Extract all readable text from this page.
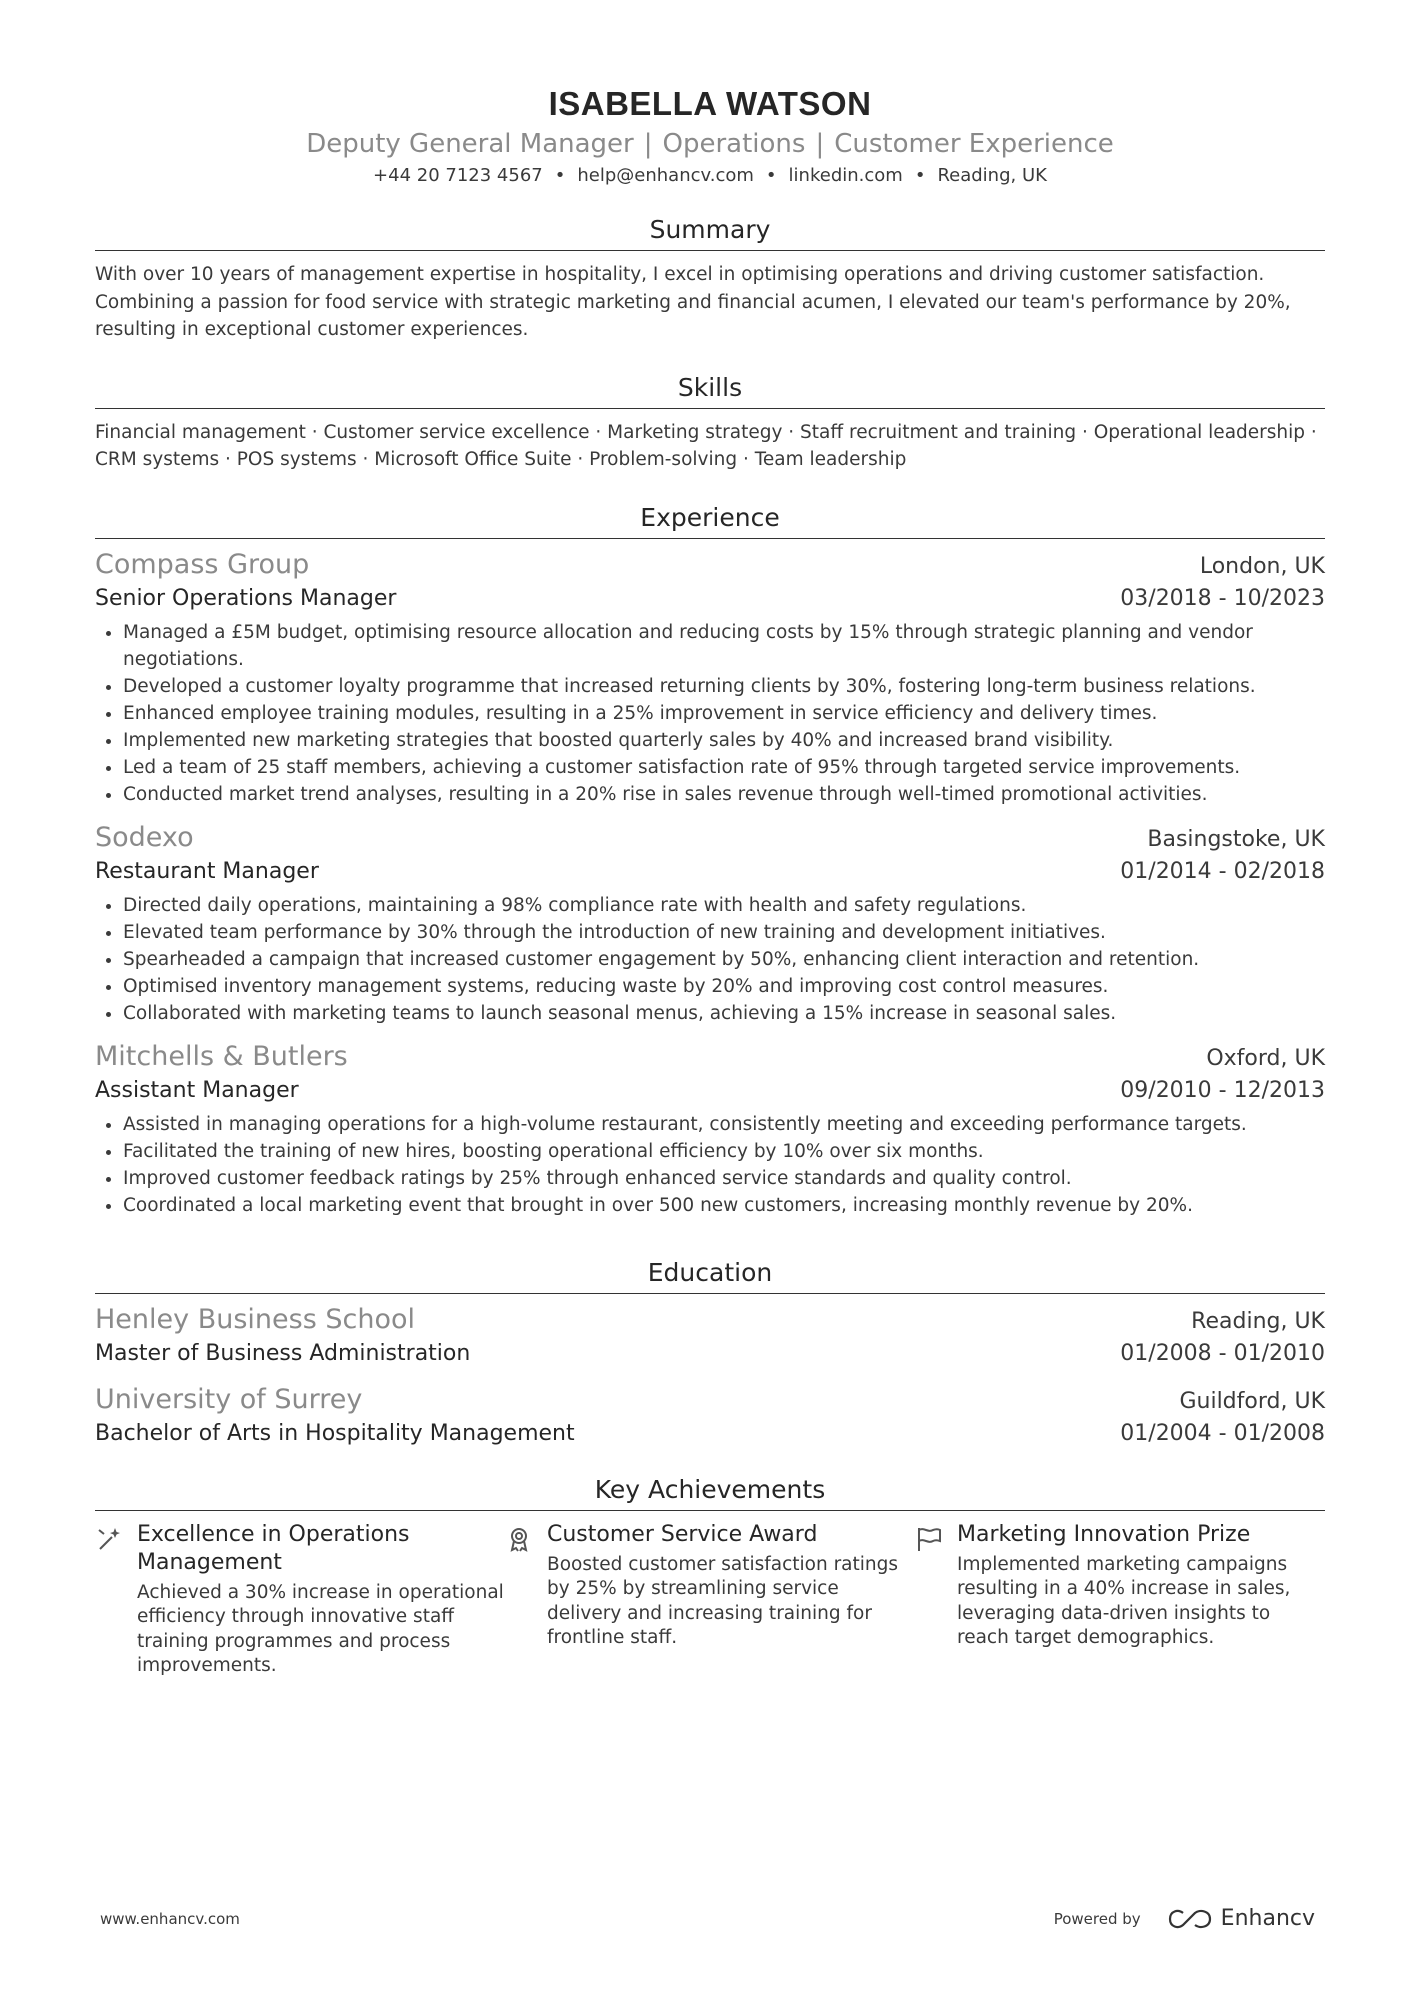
ISABELLA WATSON
Deputy General Manager | Operations | Customer Experience
+44 20 7123 4567 • help@enhancv.com • linkedin.com • Reading, UK
Summary
With over 10 years of management expertise in hospitality, I excel in optimising operations and driving customer satisfaction. Combining a passion for food service with strategic marketing and financial acumen, I elevated our team's performance by 20%, resulting in exceptional customer experiences.
Skills
Financial management · Customer service excellence · Marketing strategy · Staff recruitment and training · Operational leadership · CRM systems · POS systems · Microsoft Office Suite · Problem-solving · Team leadership
Experience
Compass Group	London, UK
Senior Operations Manager	03/2018 - 10/2023
• Managed a £5M budget, optimising resource allocation and reducing costs by 15% through strategic planning and vendor negotiations.
• Developed a customer loyalty programme that increased returning clients by 30%, fostering long-term business relations.
• Enhanced employee training modules, resulting in a 25% improvement in service efficiency and delivery times.
• Implemented new marketing strategies that boosted quarterly sales by 40% and increased brand visibility.
• Led a team of 25 staff members, achieving a customer satisfaction rate of 95% through targeted service improvements.
• Conducted market trend analyses, resulting in a 20% rise in sales revenue through well-timed promotional activities.
Sodexo	Basingstoke, UK
Restaurant Manager	01/2014 - 02/2018
• Directed daily operations, maintaining a 98% compliance rate with health and safety regulations.
• Elevated team performance by 30% through the introduction of new training and development initiatives.
• Spearheaded a campaign that increased customer engagement by 50%, enhancing client interaction and retention.
• Optimised inventory management systems, reducing waste by 20% and improving cost control measures.
• Collaborated with marketing teams to launch seasonal menus, achieving a 15% increase in seasonal sales.
Mitchells & Butlers	Oxford, UK
Assistant Manager	09/2010 - 12/2013
• Assisted in managing operations for a high-volume restaurant, consistently meeting and exceeding performance targets.
• Facilitated the training of new hires, boosting operational efficiency by 10% over six months.
• Improved customer feedback ratings by 25% through enhanced service standards and quality control.
• Coordinated a local marketing event that brought in over 500 new customers, increasing monthly revenue by 20%.
Education
Henley Business School	Reading, UK
Master of Business Administration	01/2008 - 01/2010
University of Surrey	Guildford, UK
Bachelor of Arts in Hospitality Management	01/2004 - 01/2008
Key Achievements
Excellence in Operations Management
Achieved a 30% increase in operational efficiency through innovative staff training programmes and process improvements.
Customer Service Award
Boosted customer satisfaction ratings by 25% by streamlining service delivery and increasing training for frontline staff.
Marketing Innovation Prize
Implemented marketing campaigns resulting in a 40% increase in sales, leveraging data-driven insights to reach target demographics.
www.enhancv.com	Powered by	Enhancv
